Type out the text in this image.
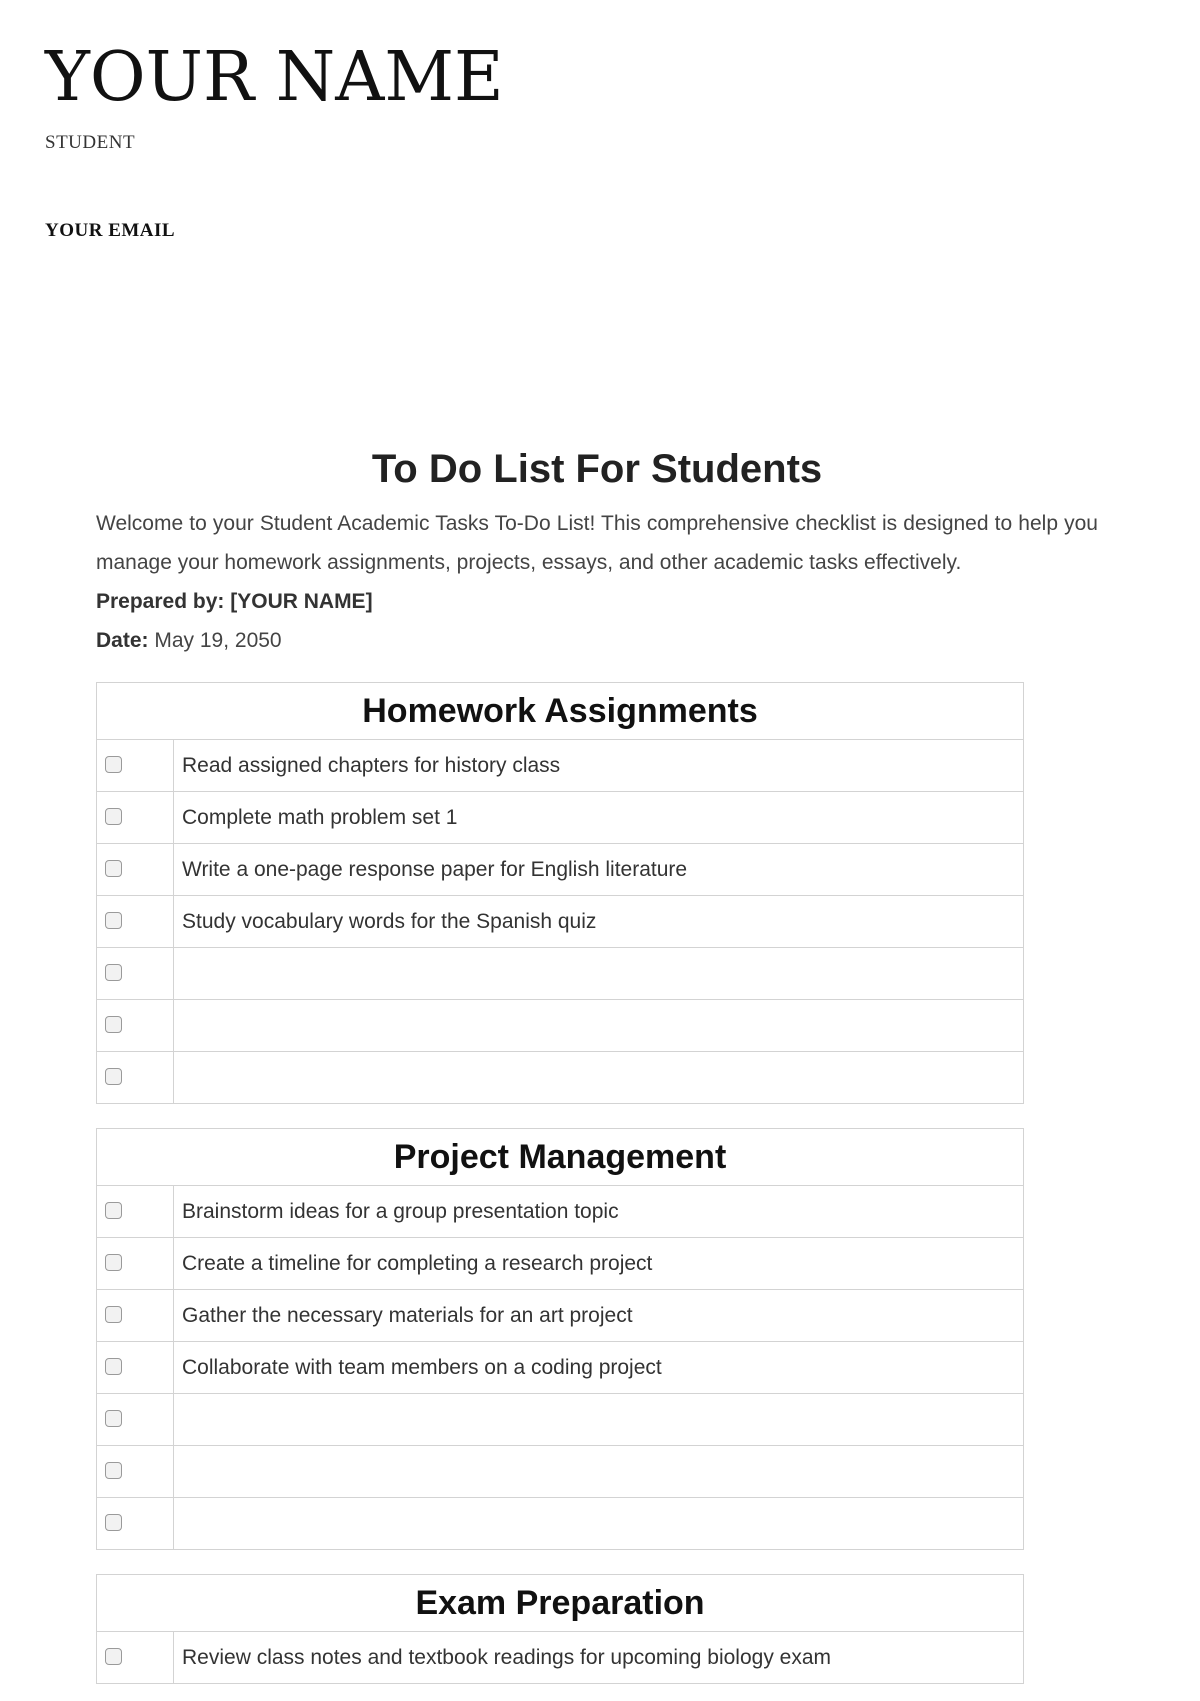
YOUR NAME
STUDENT
YOUR EMAIL
To Do List For Students

Welcome to your Student Academic Tasks To-Do List! This comprehensive checklist is designed to help you manage your homework assignments, projects, essays, and other academic tasks effectively.

Prepared by: [YOUR NAME]

Date: May 19, 2050

Homework Assignments
Read assigned chapters for history class
Complete math problem set 1
Write a one-page response paper for English literature
Study vocabulary words for the Spanish quiz
Project Management
Brainstorm ideas for a group presentation topic
Create a timeline for completing a research project
Gather the necessary materials for an art project
Collaborate with team members on a coding project
Exam Preparation
Review class notes and textbook readings for upcoming biology exam
